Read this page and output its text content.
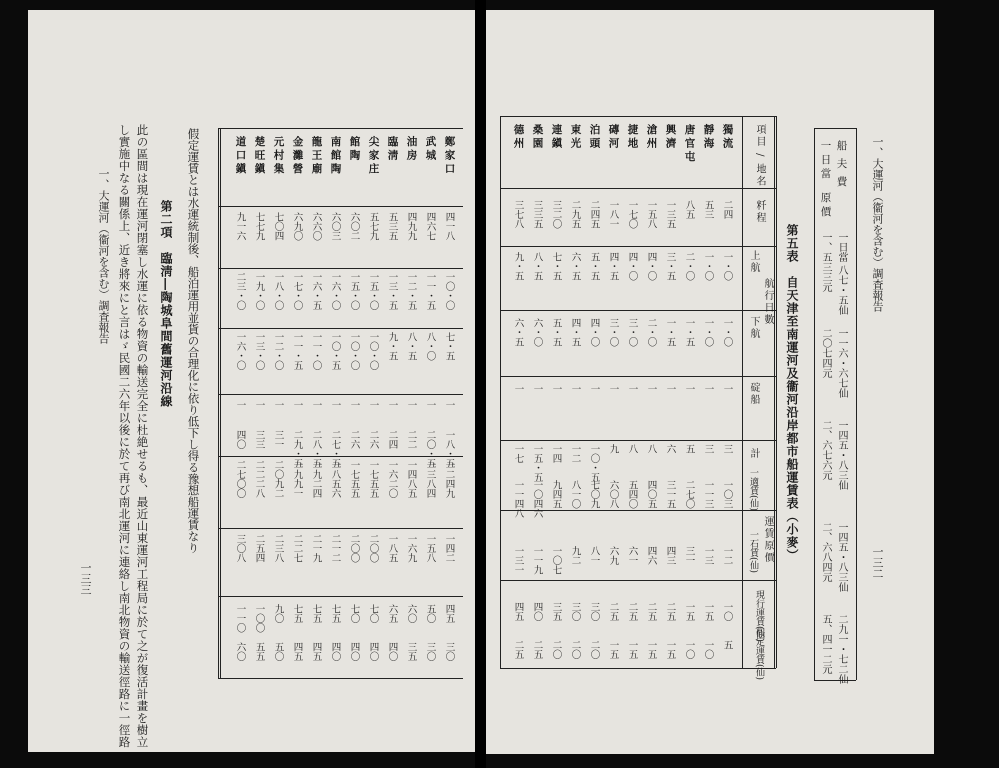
一三三
一、大運河（衞河を含む）調査報告 し實施中なる關係上、近き將來にと言はゞ民國二六年以後に於て再び南北運河に連絡し南北物資の輸送徑路に一徑路 此の區間は現在運河閉塞し水運に依る物資の輸送完全に杜絶せるも、最近山東運河工程局に於て之が復活計畫を樹立 第二項　臨淸―陶城阜間舊運河沿線 假定運賃とは水運統制後、船泊運用並貨の合理化に依り低下し得る豫想船運賃なり	鄭家口
四一八
一〇・〇
七・五
一
一八・五
一二四九
一四二
四五
三〇
武城
四六七
一一・五
八・〇
一
二〇・五
一三八四
一五八
五〇
三〇
油房
四九九
一二・五
八・五
一
二二
一四八五
一六九
六〇
三五
臨淸
五三五
一三・五
九・五
一
二四
一六二〇
一八五
六五
四〇
尖家庄
五七九
一五・〇
一〇・〇
一
二六
一七五五
二〇〇
七〇
四〇
館陶
六〇二
一五・〇
一〇・〇
一
二六
一七五五
二〇〇
七〇
四〇
南館陶
六〇三
一六・〇
一〇・五
一
二七・五
一八五六
二一二
七五
四〇
龍王廟
六六〇
一六・五
一一・〇
一
二八・五
一九二四
二一九
七五
四五
金灘營
六九〇
一七・〇
一一・五
一
二九・五
一九九一
二二七
七五
四五
元村集
七〇四
一八・〇
一二・〇
一
三一
二〇九二
二三八
九〇
五〇
楚旺鎭
七七九
一九・〇
一三・〇
一
三三
二二二八
二五四
一〇〇
五五
道口鎭
九一六
二三・〇
一六・〇
一
四〇
二七〇〇
三〇八
一一〇
六〇
一、大運河（衞河を含む）調査報告
一三二
船 夫 費
一 日 當
原 價
一日當 八七・五仙
一、五三三元
一一六・六七仙
二〇七四元
一四五・八三仙
二、六七六元
一四五・八三仙
二、六八四元
二九一・七二仙
五、四一二元
第五表　自天津至南運河及衞河沿岸都市船運賃表（小麥）
項目 / 地名
粁程
航行日數
上航
下航
碇船
計
運賃原價
一適賃(仙)
一石賃(仙)
現行運賃(仙)
假定運賃(仙)
獨流
二四
一・〇
一・〇
一
三
一〇三
一二
一〇
五
靜海
五三
一・〇
一・〇
一
三
一一三
一三
一五
一〇
唐官屯
八五
二・〇
一・五
一
五
二七〇
三一
一五
一〇
興濟
一三五
三・五
一・五
一
六
三一五
四三
二五
一五
滄州
一五八
四・〇
二・〇
一
八
四〇五
四六
二五
一五
捷地
一七〇
四・〇
三・〇
一
八
五四〇
六一
二五
一五
磚河
一八一
四・五
三・〇
一
九
六〇八
六九
二五
一五
泊頭
二四五
五・五
四・〇
一
一〇・五
七〇九
八一
三〇
二〇
東光
二九五
六・五
四・五
一
一二
八一〇
九二
三〇
二〇
連鎭
三二〇
七・五
五・五
一
一四
九四五
一〇七
三五
二〇
桑園
三三五
八・五
六・〇
一
一五・五
一〇四六
一一九
四〇
二五
德州
三七八
九・五
六・五
一
一七
一一四八
一三一
四五
二五
